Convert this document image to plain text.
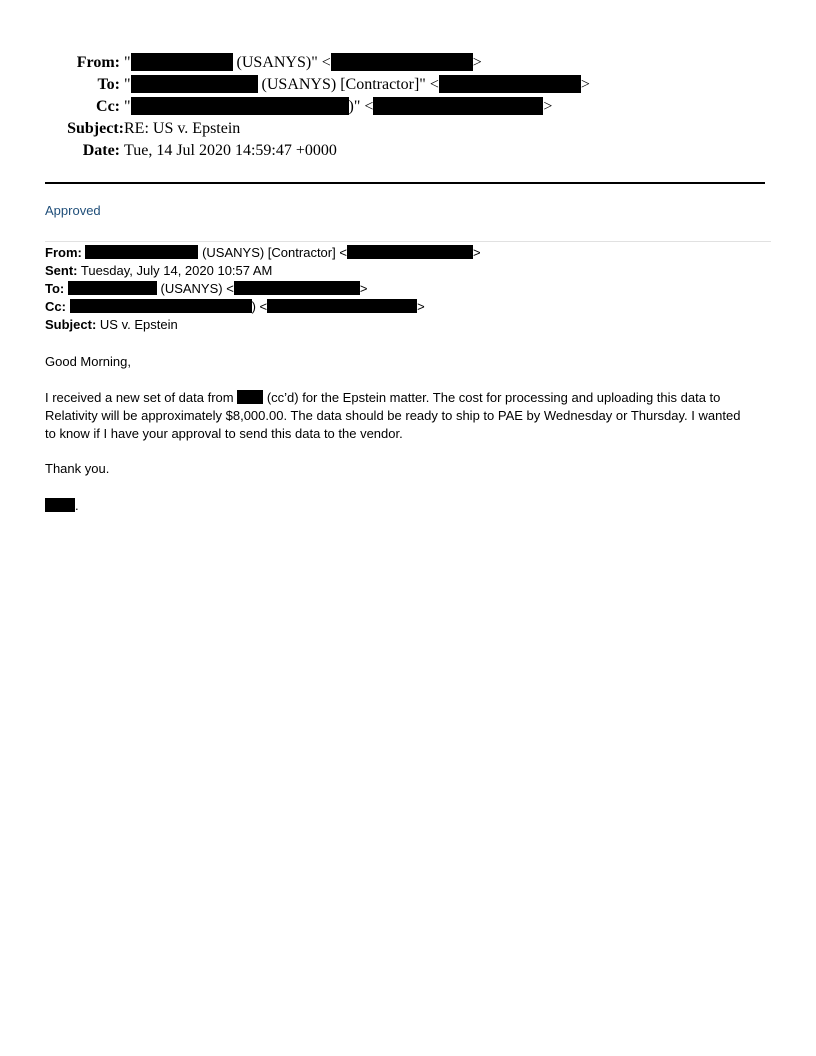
From: "	(USANYS)" <	>
To: "	(USANYS) [Contractor]" <	>
Cc: "	)" <	>
Subject: RE: US v. Epstein
Date: Tue, 14 Jul 2020 14:59:47 +0000
Approved
From:	(USANYS) [Contractor] <	>
Sent: Tuesday, July 14, 2020 10:57 AM
To:	(USANYS) <	>
Cc:	) <	>
Subject: US v. Epstein
Good Morning,
I received a new set of data from  (cc’d) for the Epstein matter. The cost for processing and uploading this data to
Relativity will be approximately $8,000.00. The data should be ready to ship to PAE by Wednesday or Thursday. I wanted
to know if I have your approval to send this data to the vendor.
Thank you.
.
